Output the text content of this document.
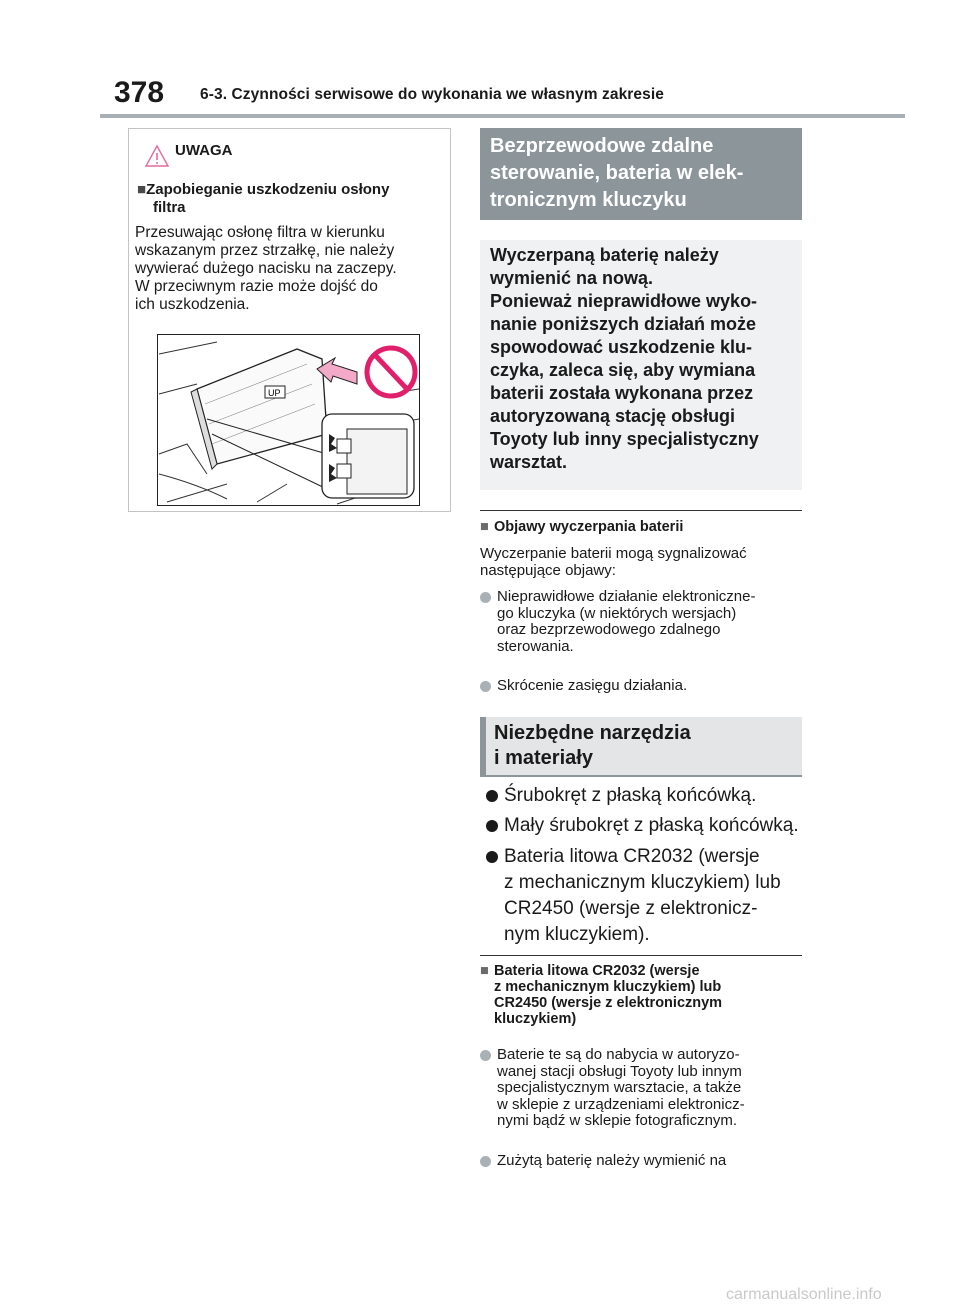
378 6-3. Czynności serwisowe do wykonania we własnym zakresie
UWAGA
■Zapobieganie uszkodzeniu osłony
filtra
Przesuwając osłonę filtra w kierunku
wskazanym przez strzałkę, nie należy
wywierać dużego nacisku na zaczepy.
W przeciwnym razie może dojść do
ich uszkodzenia.
UP
Bezprzewodowe zdalne
sterowanie, bateria w elek-
tronicznym kluczyku
Wyczerpaną baterię należy
wymienić na nową.
Ponieważ nieprawidłowe wyko-
nanie poniższych działań może
spowodować uszkodzenie klu-
czyka, zaleca się, aby wymiana
baterii została wykonana przez
autoryzowaną stację obsługi
Toyoty lub inny specjalistyczny
warsztat.
■ Objawy wyczerpania baterii
Wyczerpanie baterii mogą sygnalizować
następujące objawy:
Nieprawidłowe działanie elektroniczne-
go kluczyka (w niektórych wersjach)
oraz bezprzewodowego zdalnego
sterowania.
Skrócenie zasięgu działania.
Niezbędne narzędzia
i materiały
Śrubokręt z płaską końcówką.
Mały śrubokręt z płaską końcówką.
Bateria litowa CR2032 (wersje
z mechanicznym kluczykiem) lub
CR2450 (wersje z elektronicz-
nym kluczykiem).
■ Bateria litowa CR2032 (wersje
z mechanicznym kluczykiem) lub
CR2450 (wersje z elektronicznym
kluczykiem)
Baterie te są do nabycia w autoryzo-
wanej stacji obsługi Toyoty lub innym
specjalistycznym warsztacie, a także
w sklepie z urządzeniami elektronicz-
nymi bądź w sklepie fotograficznym.
Zużytą baterię należy wymienić na
carmanualsonline.info
